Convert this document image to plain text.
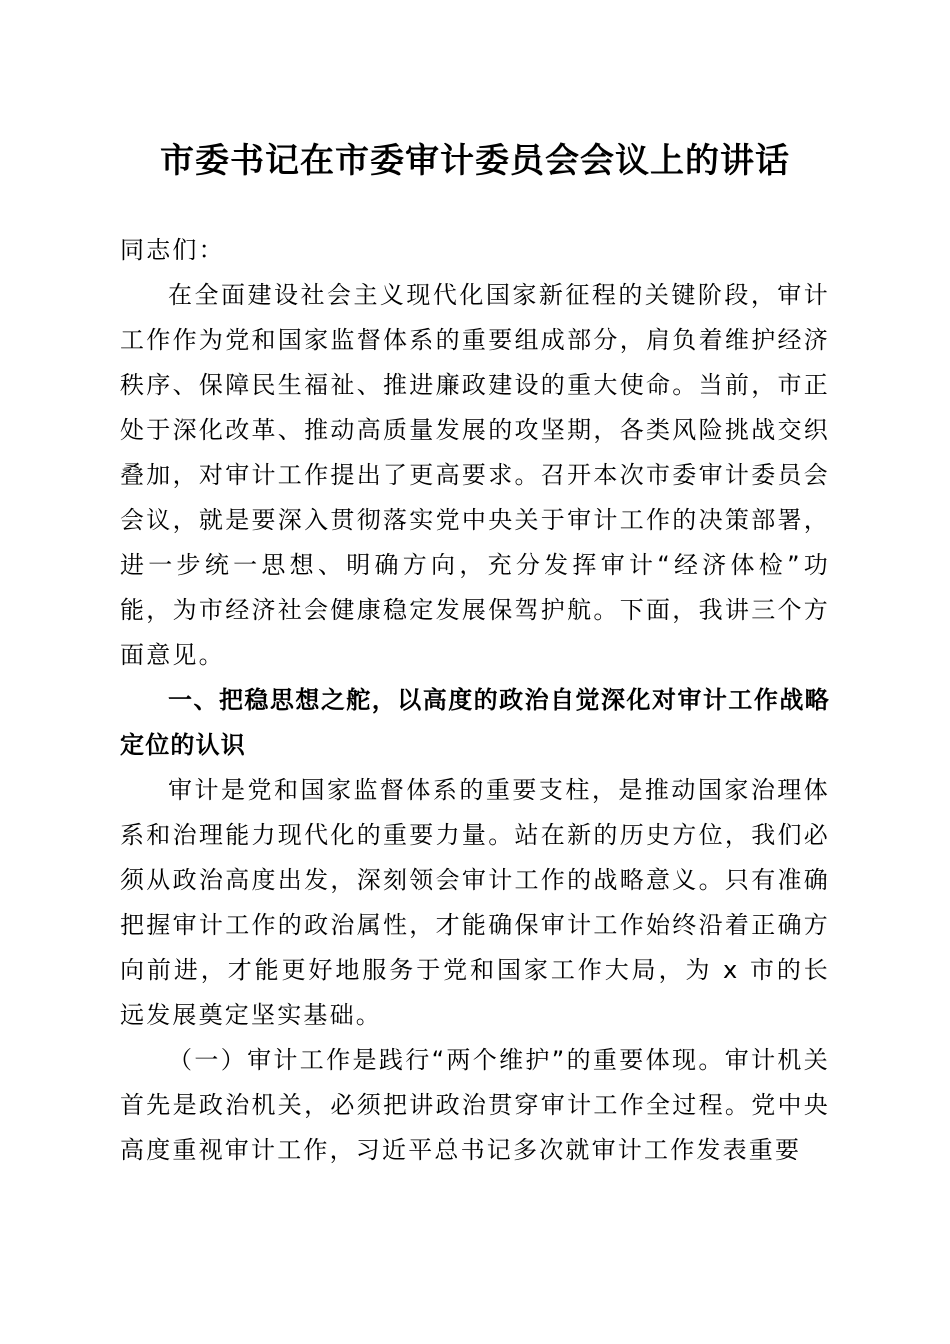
市委书记在市委审计委员会会议上的讲话

同志们：

在全面建设社会主义现代化国家新征程的关键阶段，审计工作作为党和国家监督体系的重要组成部分，肩负着维护经济秩序、保障民生福祉、推进廉政建设的重大使命。当前，市正处于深化改革、推动高质量发展的攻坚期，各类风险挑战交织叠加，对审计工作提出了更高要求。召开本次市委审计委员会会议，就是要深入贯彻落实党中央关于审计工作的决策部署，进一步统一思想、明确方向，充分发挥审计“经济体检”功能，为市经济社会健康稳定发展保驾护航。下面，我讲三个方面意见。

一、把稳思想之舵，以高度的政治自觉深化对审计工作战略定位的认识

审计是党和国家监督体系的重要支柱，是推动国家治理体系和治理能力现代化的重要力量。站在新的历史方位，我们必须从政治高度出发，深刻领会审计工作的战略意义。只有准确把握审计工作的政治属性，才能确保审计工作始终沿着正确方向前进，才能更好地服务于党和国家工作大局，为 x 市的长远发展奠定坚实基础。

（一）审计工作是践行“两个维护”的重要体现。审计机关首先是政治机关，必须把讲政治贯穿审计工作全过程。党中央高度重视审计工作，习近平总书记多次就审计工作发表重要
